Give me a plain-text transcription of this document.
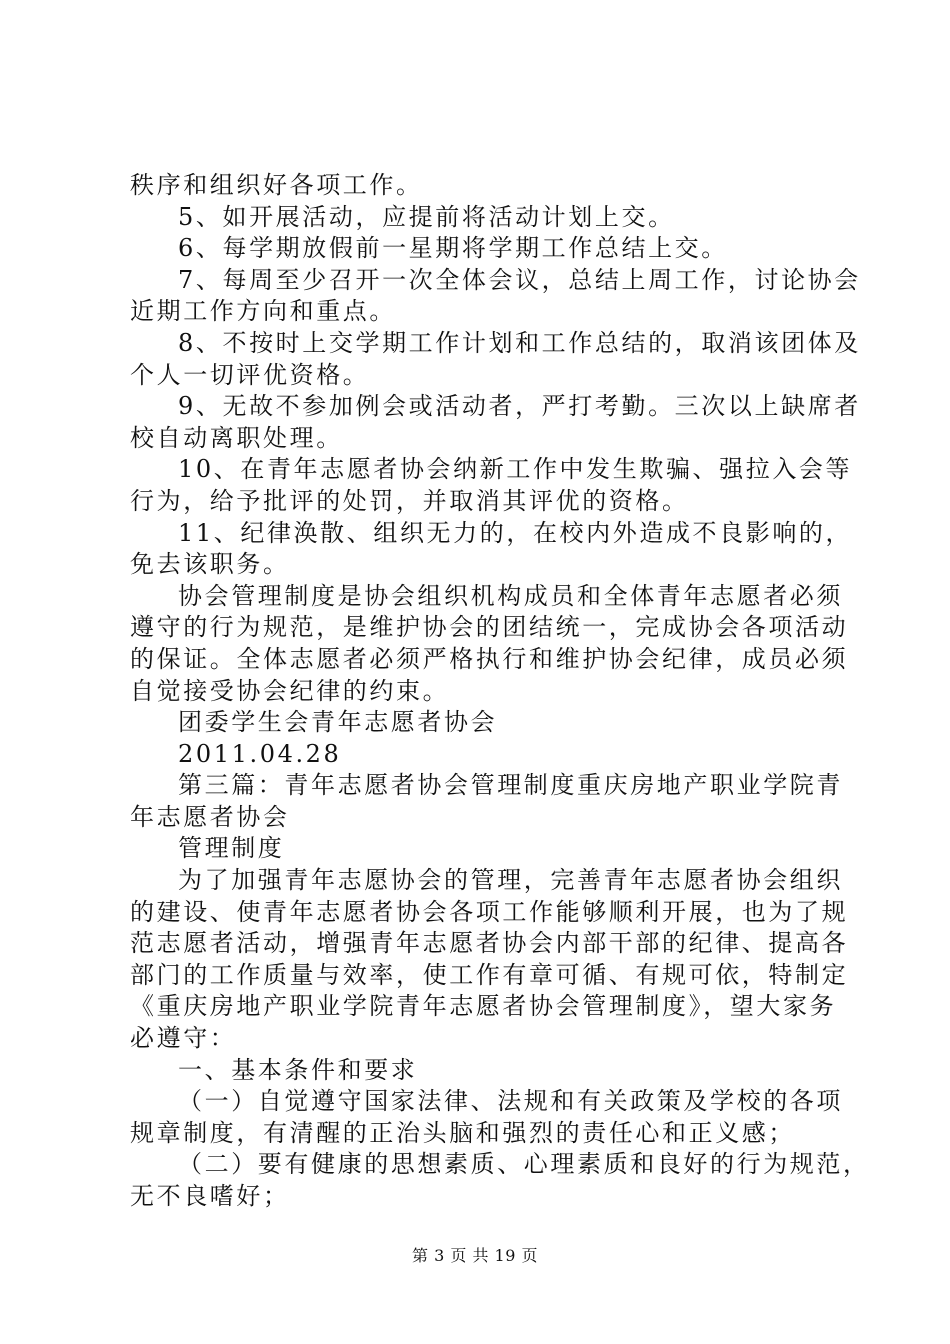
秩序和组织好各项工作。

5、如开展活动，应提前将活动计划上交。

6、每学期放假前一星期将学期工作总结上交。

7、每周至少召开一次全体会议，总结上周工作，讨论协会

近期工作方向和重点。

8、不按时上交学期工作计划和工作总结的，取消该团体及

个人一切评优资格。

9、无故不参加例会或活动者，严打考勤。三次以上缺席者

校自动离职处理。

10、在青年志愿者协会纳新工作中发生欺骗、强拉入会等

行为，给予批评的处罚，并取消其评优的资格。

11、纪律涣散、组织无力的，在校内外造成不良影响的，

免去该职务。

协会管理制度是协会组织机构成员和全体青年志愿者必须

遵守的行为规范，是维护协会的团结统一，完成协会各项活动

的保证。全体志愿者必须严格执行和维护协会纪律，成员必须

自觉接受协会纪律的约束。

团委学生会青年志愿者协会

2011.04.28

第三篇：青年志愿者协会管理制度重庆房地产职业学院青

年志愿者协会

管理制度

为了加强青年志愿协会的管理，完善青年志愿者协会组织

的建设、使青年志愿者协会各项工作能够顺利开展，也为了规

范志愿者活动，增强青年志愿者协会内部干部的纪律、提高各

部门的工作质量与效率，使工作有章可循、有规可依，特制定

《重庆房地产职业学院青年志愿者协会管理制度》，望大家务

必遵守：

一、基本条件和要求

（一）自觉遵守国家法律、法规和有关政策及学校的各项

规章制度，有清醒的正治头脑和强烈的责任心和正义感；

（二）要有健康的思想素质、心理素质和良好的行为规范，

无不良嗜好；

第 3 页 共 19 页
